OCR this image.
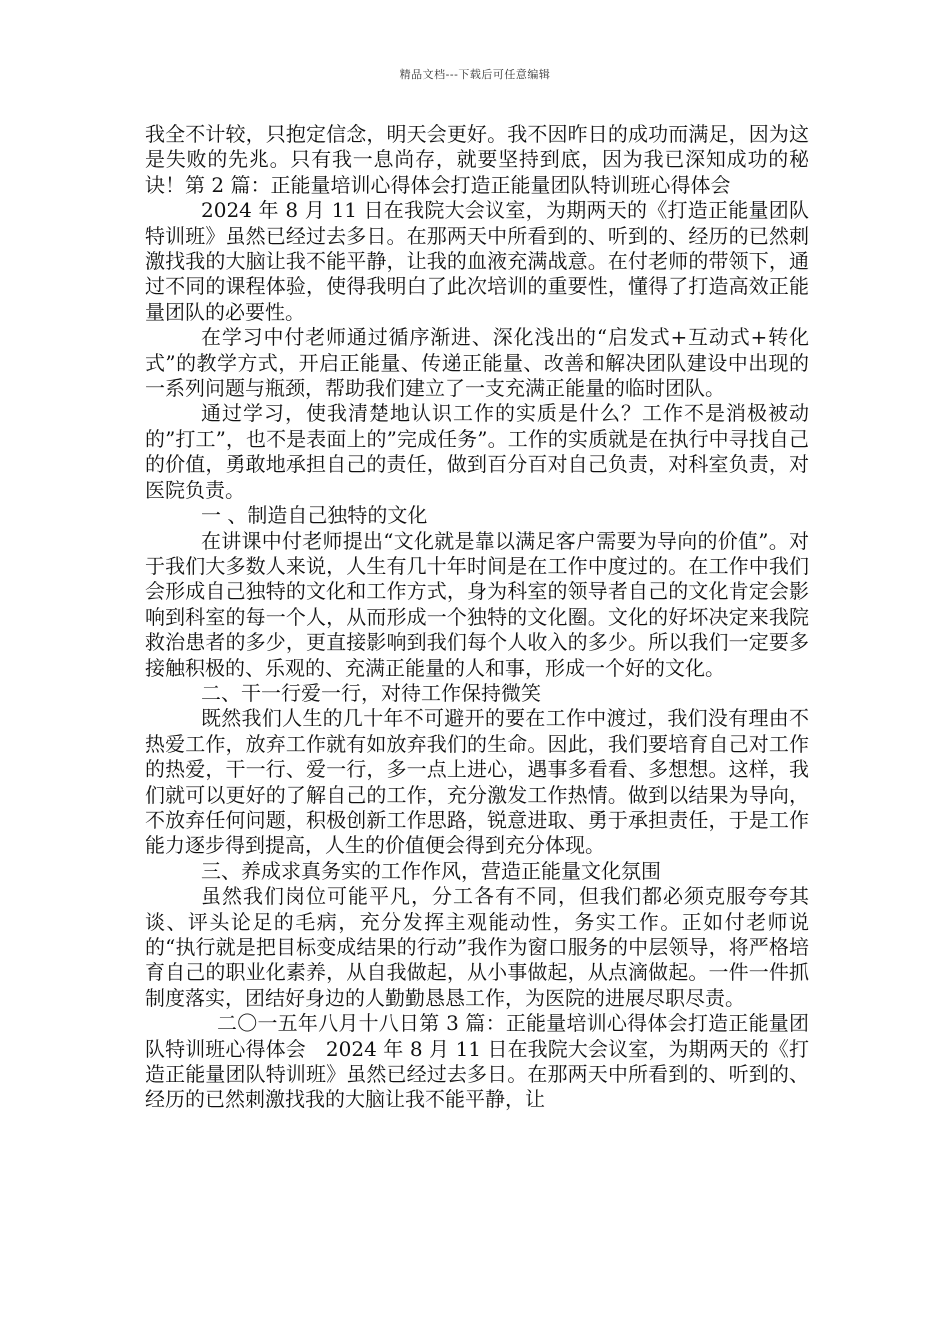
精品文档---下载后可任意编辑

我全不计较，只抱定信念，明天会更好。我不因昨日的成功而满足，因为这是失败的先兆。只有我一息尚存，就要坚持到底，因为我已深知成功的秘诀！第 2 篇：正能量培训心得体会打造正能量团队特训班心得体会

2024 年 8 月 11 日在我院大会议室，为期两天的《打造正能量团队特训班》虽然已经过去多日。在那两天中所看到的、听到的、经历的已然刺激找我的大脑让我不能平静，让我的血液充满战意。在付老师的带领下，通过不同的课程体验，使得我明白了此次培训的重要性，懂得了打造高效正能量团队的必要性。

在学习中付老师通过循序渐进、深化浅出的“启发式+互动式+转化式”的教学方式，开启正能量、传递正能量、改善和解决团队建设中出现的一系列问题与瓶颈，帮助我们建立了一支充满正能量的临时团队。

通过学习，使我清楚地认识工作的实质是什么？工作不是消极被动的”打工”，也不是表面上的”完成任务”。工作的实质就是在执行中寻找自己的价值，勇敢地承担自己的责任，做到百分百对自己负责，对科室负责，对医院负责。

一 、制造自己独特的文化

在讲课中付老师提出“文化就是靠以满足客户需要为导向的价值”。对于我们大多数人来说，人生有几十年时间是在工作中度过的。在工作中我们会形成自己独特的文化和工作方式，身为科室的领导者自己的文化肯定会影响到科室的每一个人，从而形成一个独特的文化圈。文化的好坏决定来我院救治患者的多少，更直接影响到我们每个人收入的多少。所以我们一定要多接触积极的、乐观的、充满正能量的人和事，形成一个好的文化。

二、干一行爱一行，对待工作保持微笑

既然我们人生的几十年不可避开的要在工作中渡过，我们没有理由不热爱工作，放弃工作就有如放弃我们的生命。因此，我们要培育自己对工作的热爱，干一行、爱一行，多一点上进心，遇事多看看、多想想。这样，我们就可以更好的了解自己的工作，充分激发工作热情。做到以结果为导向，不放弃任何问题，积极创新工作思路，锐意进取、勇于承担责任，于是工作能力逐步得到提高，人生的价值便会得到充分体现。

三、养成求真务实的工作作风，营造正能量文化氛围

虽然我们岗位可能平凡，分工各有不同，但我们都必须克服夸夸其谈、评头论足的毛病，充分发挥主观能动性，务实工作。正如付老师说的“执行就是把目标变成结果的行动”我作为窗口服务的中层领导，将严格培育自己的职业化素养，从自我做起，从小事做起，从点滴做起。一件一件抓制度落实，团结好身边的人勤勤恳恳工作，为医院的进展尽职尽责。

二〇一五年八月十八日第 3 篇：正能量培训心得体会打造正能量团队特训班心得体会　2024 年 8 月 11 日在我院大会议室，为期两天的《打造正能量团队特训班》虽然已经过去多日。在那两天中所看到的、听到的、经历的已然刺激找我的大脑让我不能平静，让
